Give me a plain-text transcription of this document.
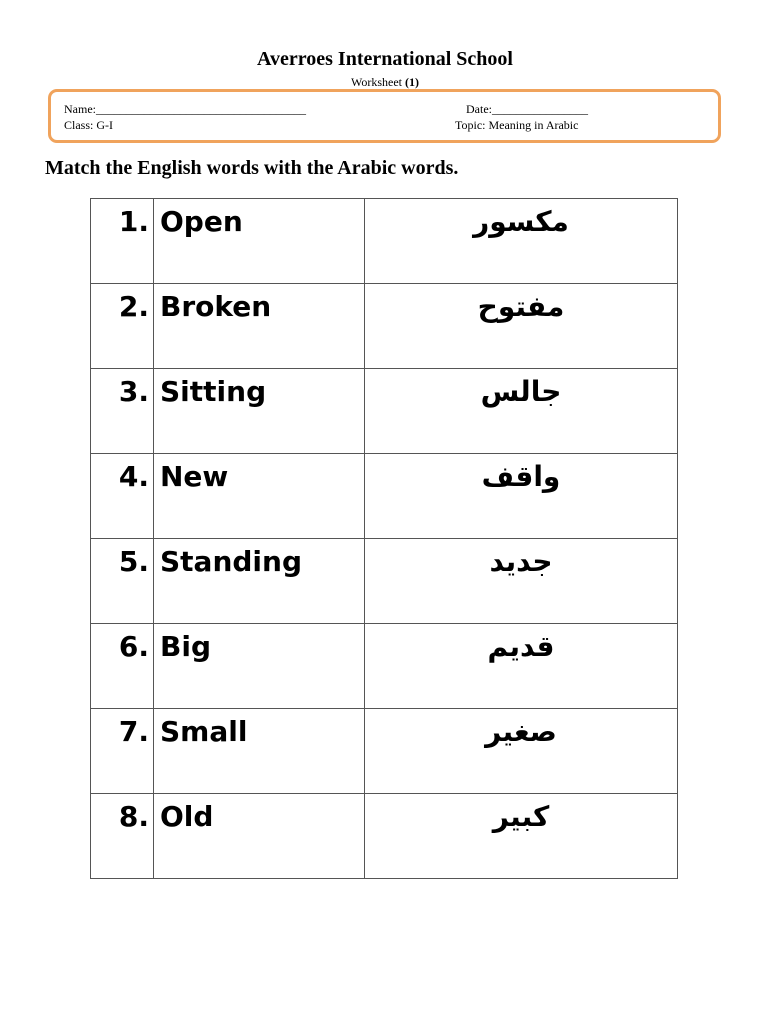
Averroes International School
Worksheet (1)
Name:___________________________________	Date:________________
Class: G-I	Topic: Meaning in Arabic
Match the English words with the Arabic words.
1.	Open	مكسور
2.	Broken	مفتوح
3.	Sitting	جالس
4.	New	واقف
5.	Standing	جديد
6.	Big	قديم
7.	Small	صغير
8.	Old	كبير
